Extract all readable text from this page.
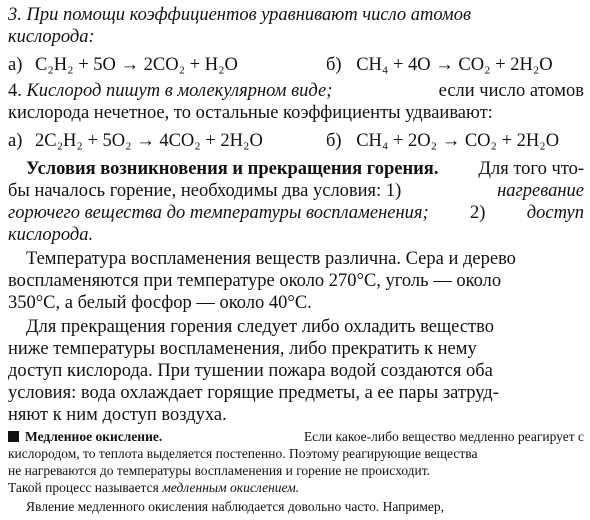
3. При помощи коэффициентов уравнивают число атомов
кислорода:
а) C₂H₂ + 5O → 2CO₂ + H₂O	б) CH₄ + 4O → CO₂ + 2H₂O
4. Кислород пишут в молекулярном виде;	если число атомов
кислорода нечетное, то остальные коэффициенты удваивают:
а) 2C₂H₂ + 5O₂ → 4CO₂ + 2H₂O	б) CH₄ + 2O₂ → CO₂ + 2H₂O
Условия возникновения и прекращения горения. Для того что-
бы началось горение, необходимы два условия: 1)	нагревание
горючего вещества до температуры воспламенения; 2) доступ
кислорода.
Температура воспламенения веществ различна. Сера и дерево
воспламеняются при температуре около 270°С, уголь — около
350°С, а белый фосфор — около 40°С.
Для прекращения горения следует либо охладить вещество
ниже температуры воспламенения, либо прекратить к нему
доступ кислорода. При тушении пожара водой создаются оба
условия: вода охлаждает горящие предметы, а ее пары затруд-
няют к ним доступ воздуха.
Медленное окисление.	Если какое-либо вещество медленно реагирует с
кислородом, то теплота выделяется постепенно. Поэтому реагирующие вещества
не нагреваются до температуры воспламенения и горение не происходит.
Такой процесс называется медленным окислением.
Явление медленного окисления наблюдается довольно часто. Например,
